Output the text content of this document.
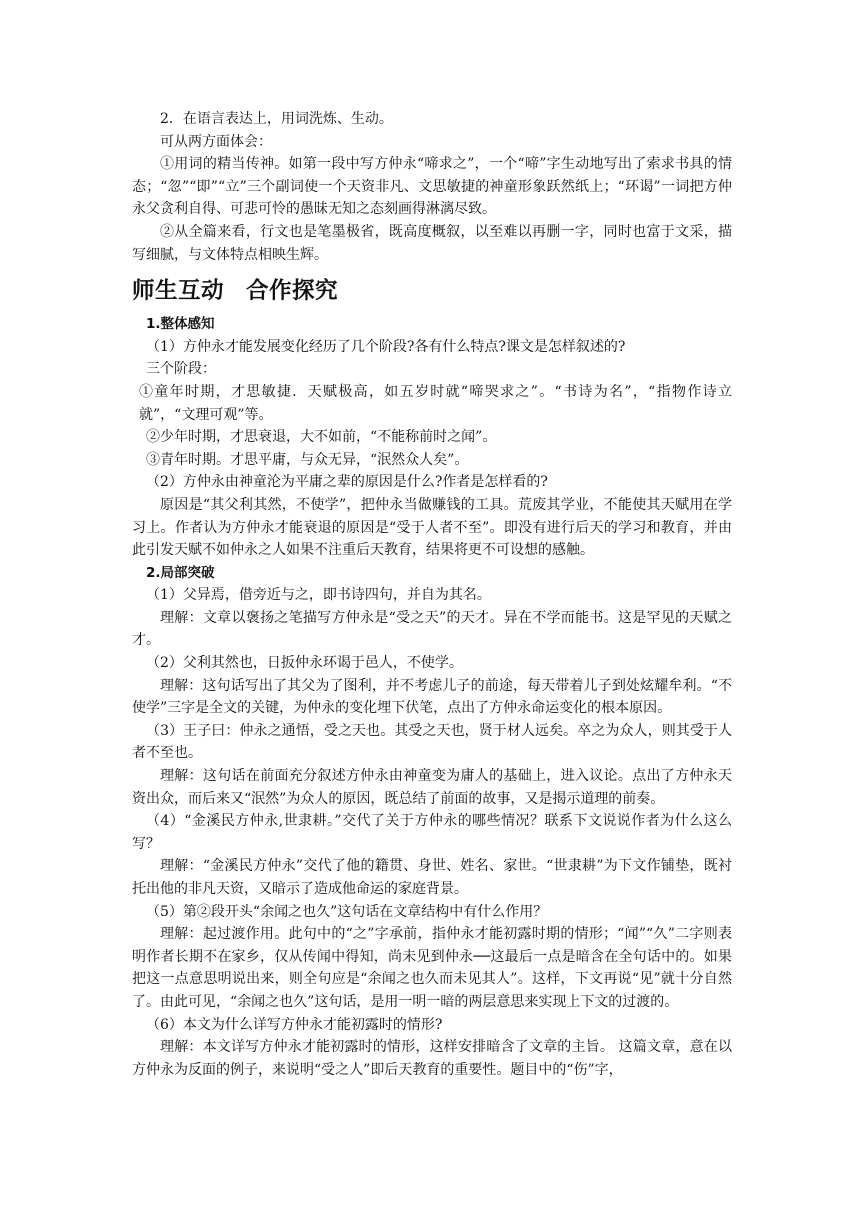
2．在语言表达上，用词洗炼、生动。

可从两方面体会：

①用词的精当传神。如第一段中写方仲永“啼求之”，一个“啼”字生动地写出了索求书具的情态；“忽”“即”“立”三个副词使一个天资非凡、文思敏捷的神童形象跃然纸上；“环谒”一词把方仲永父贪利自得、可悲可怜的愚昧无知之态刻画得淋漓尽致。

②从全篇来看，行文也是笔墨极省，既高度概叙，以至难以再删一字，同时也富于文采，描写细腻，与文体特点相映生辉。

师生互动 合作探究

1.整体感知

（1）方仲永才能发展变化经历了几个阶段?各有什么特点?课文是怎样叙述的?

三个阶段：

①童年时期，才思敏捷．天赋极高，如五岁时就“啼哭求之”。“书诗为名”，“指物作诗立就”，“文理可观”等。

②少年时期，才思衰退，大不如前，“不能称前时之闻”。

③青年时期。才思平庸，与众无异，“泯然众人矣”。

（2）方仲永由神童沦为平庸之辈的原因是什么?作者是怎样看的?

原因是“其父利其然，不使学”，把仲永当做赚钱的工具。荒废其学业，不能使其天赋用在学习上。作者认为方仲永才能衰退的原因是“受于人者不至”。即没有进行后天的学习和教育，并由此引发天赋不如仲永之人如果不注重后天教育，结果将更不可设想的感触。

2.局部突破

（1）父异焉，借旁近与之，即书诗四句，并自为其名。

理解：文章以褒扬之笔描写方仲永是“受之天”的天才。异在不学而能书。这是罕见的天赋之才。

（2）父利其然也，日扳仲永环谒于邑人，不使学。

理解：这句话写出了其父为了图利，并不考虑儿子的前途，每天带着儿子到处炫耀牟利。“不使学”三字是全文的关键，为仲永的变化埋下伏笔，点出了方仲永命运变化的根本原因。

（3）王子曰：仲永之通悟，受之天也。其受之天也，贤于材人远矣。卒之为众人，则其受于人者不至也。

理解：这句话在前面充分叙述方仲永由神童变为庸人的基础上，进入议论。点出了方仲永天资出众，而后来又“泯然”为众人的原因，既总结了前面的故事，又是揭示道理的前奏。

（4）“金溪民方仲永,世隶耕。”交代了关于方仲永的哪些情况？联系下文说说作者为什么这么写？

理解：“金溪民方仲永”交代了他的籍贯、身世、姓名、家世。“世隶耕”为下文作铺垫，既衬托出他的非凡天资，又暗示了造成他命运的家庭背景。

（5）第②段开头“余闻之也久”这句话在文章结构中有什么作用？

理解：起过渡作用。此句中的“之”字承前，指仲永才能初露时期的情形；“闻”“久”二字则表明作者长期不在家乡，仅从传闻中得知，尚未见到仲永──这最后一点是暗含在全句话中的。如果把这一点意思明说出来，则全句应是“余闻之也久而未见其人”。这样，下文再说“见”就十分自然了。由此可见，“余闻之也久”这句话，是用一明一暗的两层意思来实现上下文的过渡的。

（6）本文为什么详写方仲永才能初露时的情形?

理解：本文详写方仲永才能初露时的情形，这样安排暗含了文章的主旨。 这篇文章，意在以方仲永为反面的例子，来说明“受之人”即后天教育的重要性。题目中的“伤”字，
